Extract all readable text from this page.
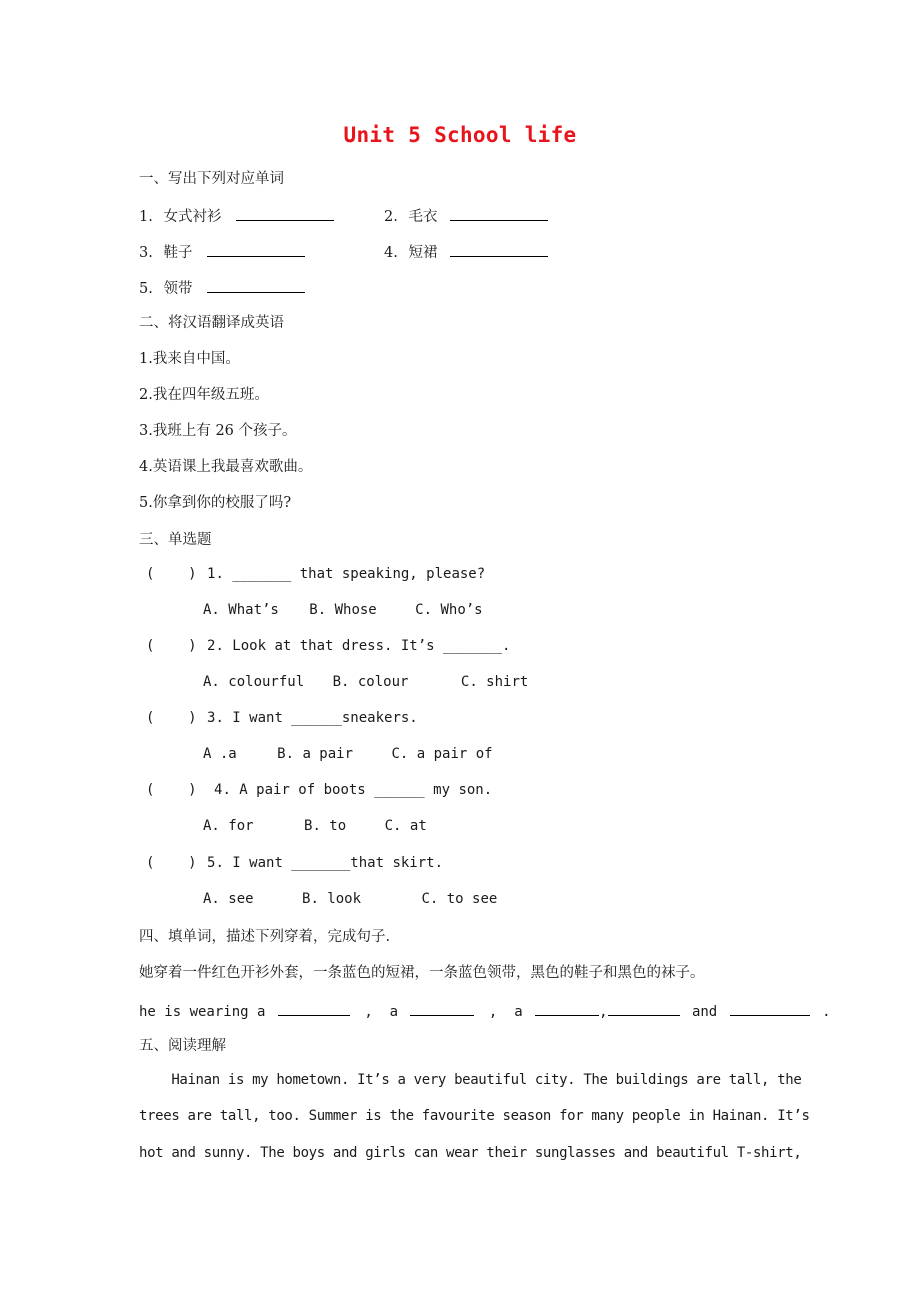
Unit 5 School life
一、写出下列对应单词
1. 女式衬衫	2. 毛衣
3. 鞋子	4. 短裙
5. 领带
二、将汉语翻译成英语
1.我来自中国。
2.我在四年级五班。
3.我班上有 26 个孩子。
4.英语课上我最喜欢歌曲。
5.你拿到你的校服了吗?
三、单选题
(    ) 1. _______ that speaking, please?
A. What’s B. Whose	C. Who’s
(    ) 2. Look at that dress. It’s _______.
A. colourful B. colour	C. shirt
(    ) 3. I want ______sneakers.
A .a	B. a pair	C. a pair of
(    ) 4. A pair of boots ______ my son.
A. for	B. to	C. at
(    ) 5. I want _______that skirt.
A. see	B. look	C. to see
四、填单词，描述下列穿着，完成句子.
她穿着一件红色开衫外套，一条蓝色的短裙，一条蓝色领带，黑色的鞋子和黑色的袜子。
he is wearing a	,  a	,  a	,	and	.
五、阅读理解
Hainan is my hometown. It’s a very beautiful city. The buildings are tall, the
trees are tall, too. Summer is the favourite season for many people in Hainan. It’s
hot and sunny. The boys and girls can wear their sunglasses and beautiful T-shirt,
